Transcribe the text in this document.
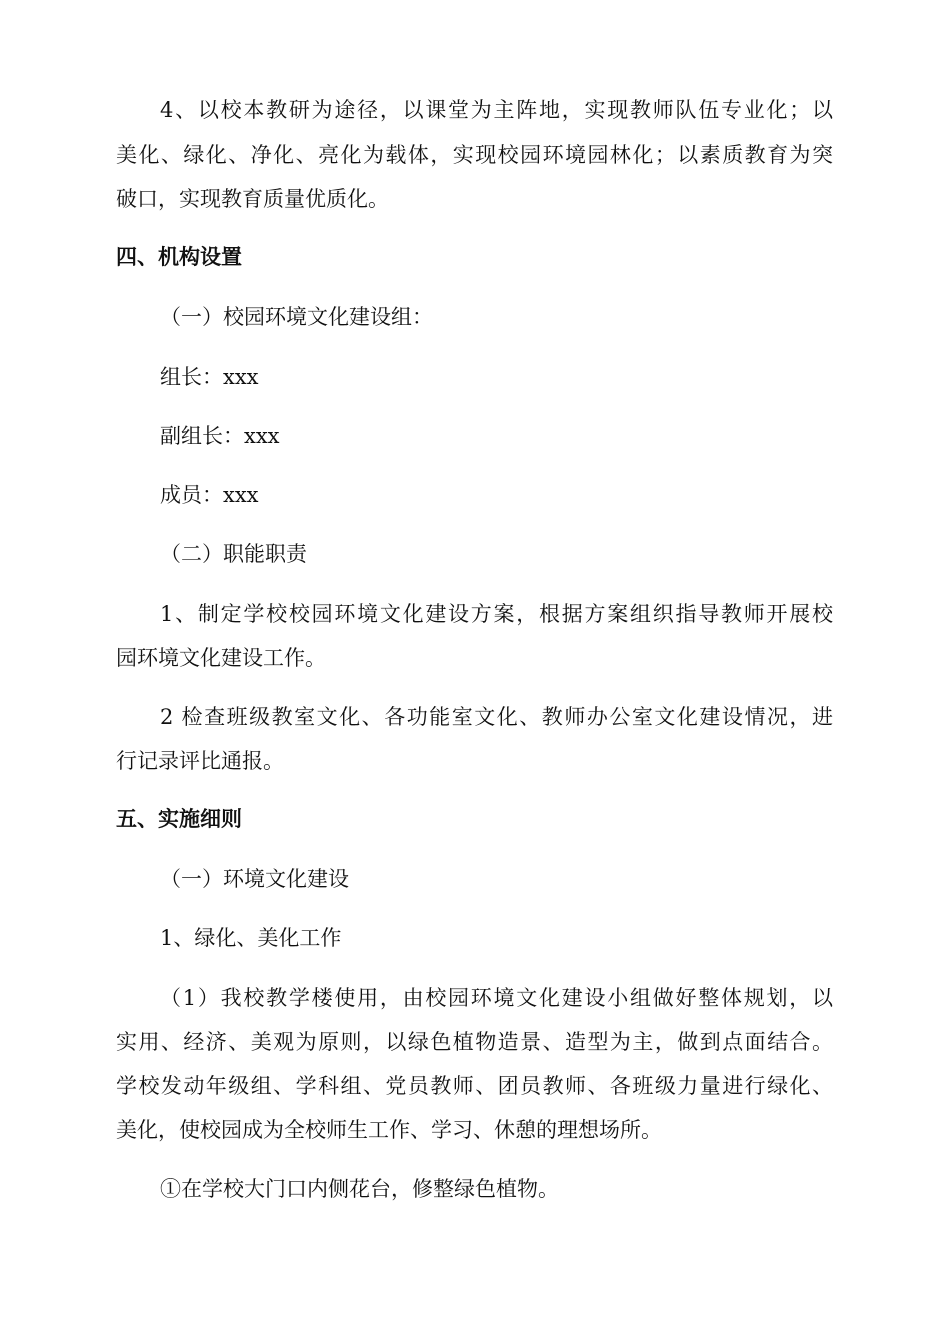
4、以校本教研为途径，以课堂为主阵地，实现教师队伍专业化；以
美化、绿化、净化、亮化为载体，实现校园环境园林化；以素质教育为突
破口，实现教育质量优质化。
四、机构设置
（一）校园环境文化建设组：
组长：xxx
副组长：xxx
成员：xxx
（二）职能职责
1、制定学校校园环境文化建设方案，根据方案组织指导教师开展校
园环境文化建设工作。
2 检查班级教室文化、各功能室文化、教师办公室文化建设情况，进
行记录评比通报。
五、实施细则
（一）环境文化建设
1、绿化、美化工作
（1）我校教学楼使用，由校园环境文化建设小组做好整体规划，以
实用、经济、美观为原则，以绿色植物造景、造型为主，做到点面结合。
学校发动年级组、学科组、党员教师、团员教师、各班级力量进行绿化、
美化，使校园成为全校师生工作、学习、休憩的理想场所。
①在学校大门口内侧花台，修整绿色植物。
